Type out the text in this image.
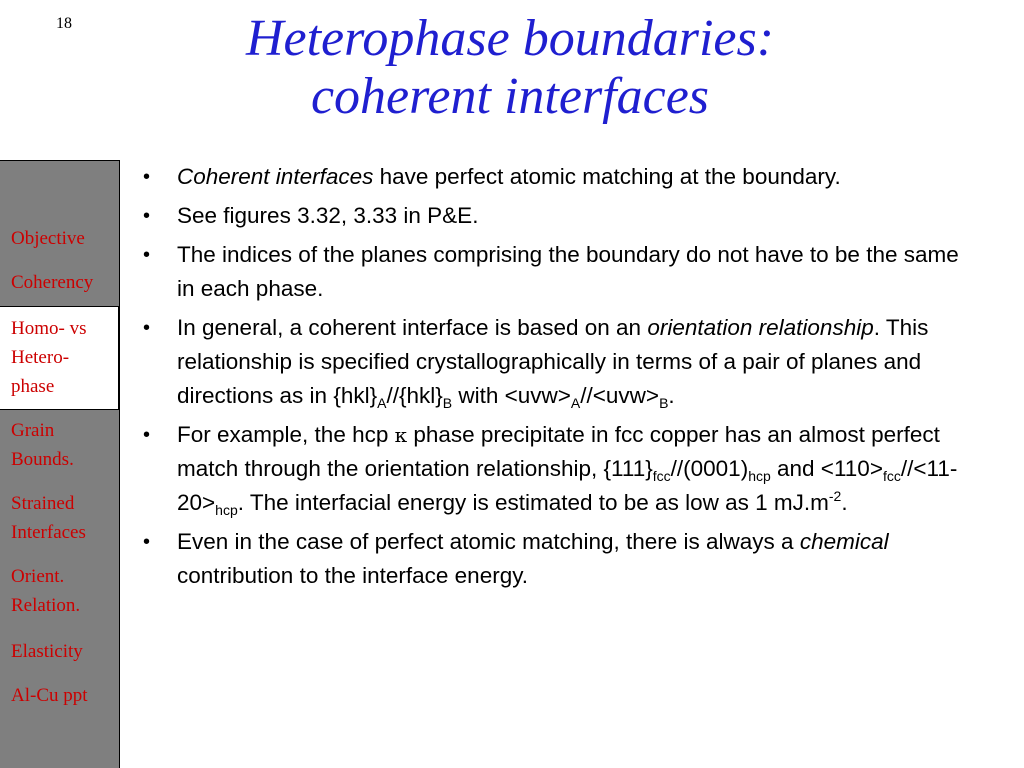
18	Heterophase boundaries:
coherent interfaces
Objective
Coherency
Homo- vs
Hetero-
phase
Grain
Bounds.
Strained
Interfaces
Orient.
Relation.
Elasticity
Al-Cu ppt
• Coherent interfaces have perfect atomic matching at the boundary.
• See figures 3.32, 3.33 in P&E.
• The indices of the planes comprising the boundary do not have to be the same in each phase.
• In general, a coherent interface is based on an orientation relationship. This relationship is specified crystallographically in terms of a pair of planes and directions as in $\{hkl\}_A//\{hkl\}_B$ with $<uvw>_A//<uvw>_B$.
• For example, the hcp κ phase precipitate in fcc copper has an almost perfect match through the orientation relationship, $\{111\}_{fcc}//(0001)_{hcp}$ and $<110>_{fcc}//<11-20>_{hcp}$. The interfacial energy is estimated to be as low as 1 $mJ.m^{-2}$.
• Even in the case of perfect atomic matching, there is always a chemical contribution to the interface energy.
